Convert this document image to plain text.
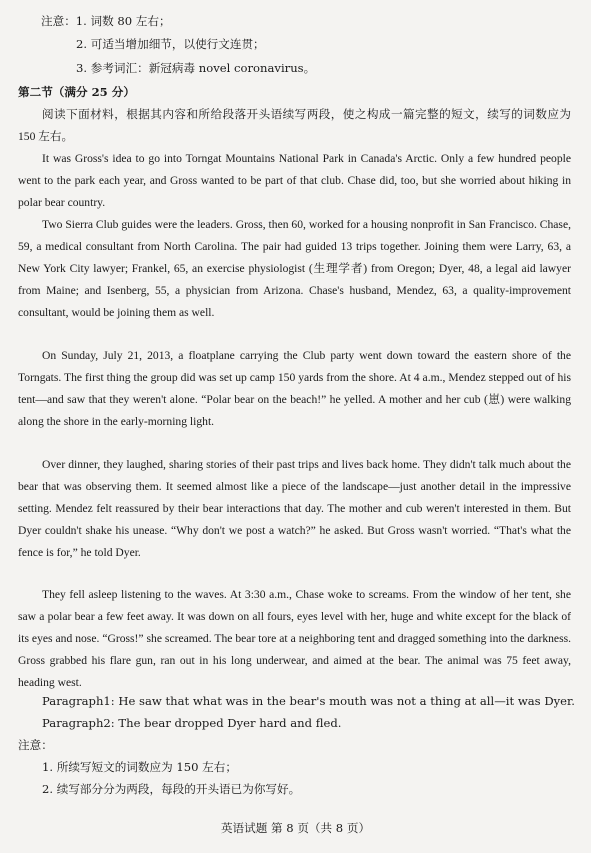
注意：1. 词数 80 左右；
2. 可适当增加细节，以使行文连贯；
3. 参考词汇：新冠病毒 novel coronavirus。
第二节（满分 25 分）
阅读下面材料，根据其内容和所给段落开头语续写两段，使之构成一篇完整的短文，续写的词数应为 150 左右。
It was Gross's idea to go into Torngat Mountains National Park in Canada's Arctic. Only a few hundred people went to the park each year, and Gross wanted to be part of that club. Chase did, too, but she worried about hiking in polar bear country.
Two Sierra Club guides were the leaders. Gross, then 60, worked for a housing nonprofit in San Francisco. Chase, 59, a medical consultant from North Carolina. The pair had guided 13 trips together. Joining them were Larry, 63, a New York City lawyer; Frankel, 65, an exercise physiologist (生理学者) from Oregon; Dyer, 48, a legal aid lawyer from Maine; and Isenberg, 55, a physician from Arizona. Chase's husband, Mendez, 63, a quality-improvement consultant, would be joining them as well.
On Sunday, July 21, 2013, a floatplane carrying the Club party went down toward the eastern shore of the Torngats. The first thing the group did was set up camp 150 yards from the shore. At 4 a.m., Mendez stepped out of his tent—and saw that they weren't alone. “Polar bear on the beach!” he yelled. A mother and her cub (崽) were walking along the shore in the early-morning light.
Over dinner, they laughed, sharing stories of their past trips and lives back home. They didn't talk much about the bear that was observing them. It seemed almost like a piece of the landscape—just another detail in the impressive setting. Mendez felt reassured by their bear interactions that day. The mother and cub weren't interested in them. But Dyer couldn't shake his unease. “Why don't we post a watch?” he asked. But Gross wasn't worried. “That's what the fence is for,” he told Dyer.
They fell asleep listening to the waves. At 3:30 a.m., Chase woke to screams. From the window of her tent, she saw a polar bear a few feet away. It was down on all fours, eyes level with her, huge and white except for the black of its eyes and nose. “Gross!” she screamed. The bear tore at a neighboring tent and dragged something into the darkness. Gross grabbed his flare gun, ran out in his long underwear, and aimed at the bear. The animal was 75 feet away, heading west.
Paragraph1: He saw that what was in the bear's mouth was not a thing at all—it was Dyer.
Paragraph2: The bear dropped Dyer hard and fled.
注意：
1. 所续写短文的词数应为 150 左右；
2. 续写部分分为两段，每段的开头语已为你写好。
英语试题 第 8 页（共 8 页）
